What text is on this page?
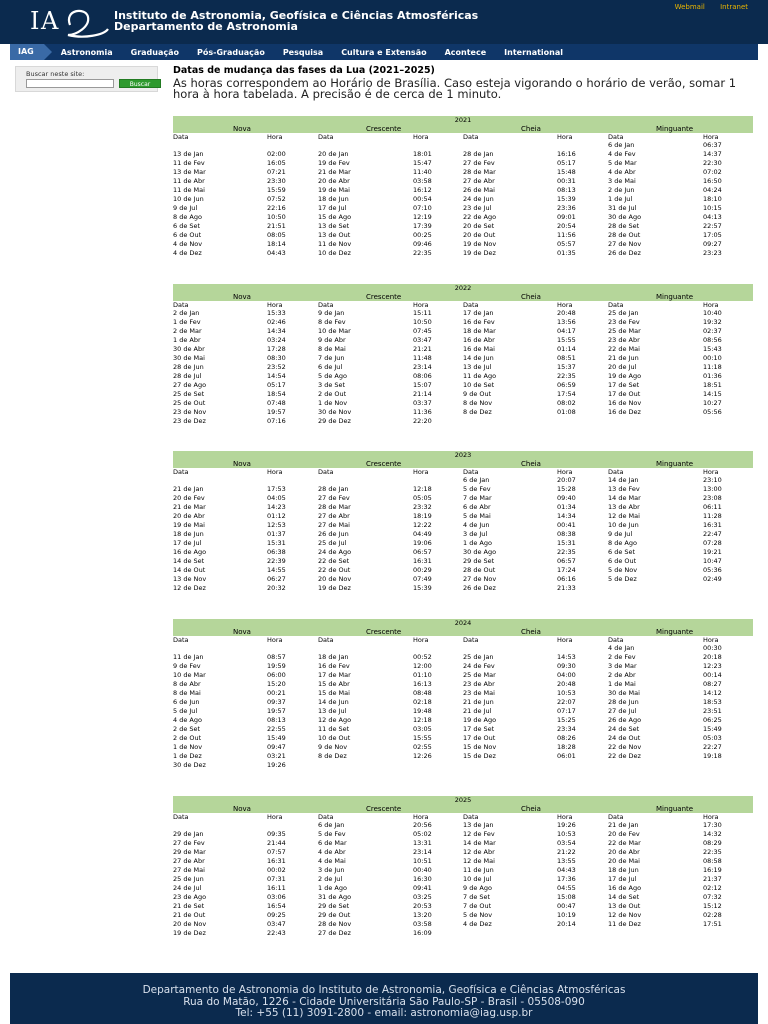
I A	Instituto de Astronomia, Geofísica e Ciências Atmosféricas
Departamento de Astronomia
Webmail Intranet
IAG	Astronomia	Graduação	Pós-Graduação	Pesquisa	Cultura e Extensão	Acontece	International
Buscar neste site:
Buscar
Datas de mudança das fases da Lua (2021–2025)
As horas correspondem ao Horário de Brasília. Caso esteja vigorando o horário de verão, somar 1 hora à hora tabelada. A precisão é de cerca de 1 minuto.
2021
Nova
Data	Hora
13 de Jan	02:00
11 de Fev	16:05
13 de Mar	07:21
11 de Abr	23:30
11 de Mai	15:59
10 de Jun	07:52
9 de Jul	22:16
8 de Ago	10:50
6 de Set	21:51
6 de Out	08:05
4 de Nov	18:14
4 de Dez	04:43
Crescente
Data	Hora
20 de Jan	18:01
19 de Fev	15:47
21 de Mar	11:40
20 de Abr	03:58
19 de Mai	16:12
18 de Jun	00:54
17 de Jul	07:10
15 de Ago	12:19
13 de Set	17:39
13 de Out	00:25
11 de Nov	09:46
10 de Dez	22:35
Cheia
Data	Hora
28 de Jan	16:16
27 de Fev	05:17
28 de Mar	15:48
27 de Abr	00:31
26 de Mai	08:13
24 de Jun	15:39
23 de Jul	23:36
22 de Ago	09:01
20 de Set	20:54
20 de Out	11:56
19 de Nov	05:57
19 de Dez	01:35
Minguante
Data	Hora
6 de Jan	06:37
4 de Fev	14:37
5 de Mar	22:30
4 de Abr	07:02
3 de Mai	16:50
2 de Jun	04:24
1 de Jul	18:10
31 de Jul	10:15
30 de Ago	04:13
28 de Set	22:57
28 de Out	17:05
27 de Nov	09:27
26 de Dez	23:23
2022
Nova
Data	Hora
2 de Jan	15:33
1 de Fev	02:46
2 de Mar	14:34
1 de Abr	03:24
30 de Abr	17:28
30 de Mai	08:30
28 de Jun	23:52
28 de Jul	14:54
27 de Ago	05:17
25 de Set	18:54
25 de Out	07:48
23 de Nov	19:57
23 de Dez	07:16
Crescente
Data	Hora
9 de Jan	15:11
8 de Fev	10:50
10 de Mar	07:45
9 de Abr	03:47
8 de Mai	21:21
7 de Jun	11:48
6 de Jul	23:14
5 de Ago	08:06
3 de Set	15:07
2 de Out	21:14
1 de Nov	03:37
30 de Nov	11:36
29 de Dez	22:20
Cheia
Data	Hora
17 de Jan	20:48
16 de Fev	13:56
18 de Mar	04:17
16 de Abr	15:55
16 de Mai	01:14
14 de Jun	08:51
13 de Jul	15:37
11 de Ago	22:35
10 de Set	06:59
9 de Out	17:54
8 de Nov	08:02
8 de Dez	01:08
Minguante
Data	Hora
25 de Jan	10:40
23 de Fev	19:32
25 de Mar	02:37
23 de Abr	08:56
22 de Mai	15:43
21 de Jun	00:10
20 de Jul	11:18
19 de Ago	01:36
17 de Set	18:51
17 de Out	14:15
16 de Nov	10:27
16 de Dez	05:56
2023
Nova
Data	Hora
21 de Jan	17:53
20 de Fev	04:05
21 de Mar	14:23
20 de Abr	01:12
19 de Mai	12:53
18 de Jun	01:37
17 de Jul	15:31
16 de Ago	06:38
14 de Set	22:39
14 de Out	14:55
13 de Nov	06:27
12 de Dez	20:32
Crescente
Data	Hora
28 de Jan	12:18
27 de Fev	05:05
28 de Mar	23:32
27 de Abr	18:19
27 de Mai	12:22
26 de Jun	04:49
25 de Jul	19:06
24 de Ago	06:57
22 de Set	16:31
22 de Out	00:29
20 de Nov	07:49
19 de Dez	15:39
Cheia
Data	Hora
6 de Jan	20:07
5 de Fev	15:28
7 de Mar	09:40
6 de Abr	01:34
5 de Mai	14:34
4 de Jun	00:41
3 de Jul	08:38
1 de Ago	15:31
30 de Ago	22:35
29 de Set	06:57
28 de Out	17:24
27 de Nov	06:16
26 de Dez	21:33
Minguante
Data	Hora
14 de Jan	23:10
13 de Fev	13:00
14 de Mar	23:08
13 de Abr	06:11
12 de Mai	11:28
10 de Jun	16:31
9 de Jul	22:47
8 de Ago	07:28
6 de Set	19:21
6 de Out	10:47
5 de Nov	05:36
5 de Dez	02:49
2024
Nova
Data	Hora
11 de Jan	08:57
9 de Fev	19:59
10 de Mar	06:00
8 de Abr	15:20
8 de Mai	00:21
6 de Jun	09:37
5 de Jul	19:57
4 de Ago	08:13
2 de Set	22:55
2 de Out	15:49
1 de Nov	09:47
1 de Dez	03:21
30 de Dez	19:26
Crescente
Data	Hora
18 de Jan	00:52
16 de Fev	12:00
17 de Mar	01:10
15 de Abr	16:13
15 de Mai	08:48
14 de Jun	02:18
13 de Jul	19:48
12 de Ago	12:18
11 de Set	03:05
10 de Out	15:55
9 de Nov	02:55
8 de Dez	12:26
Cheia
Data	Hora
25 de Jan	14:53
24 de Fev	09:30
25 de Mar	04:00
23 de Abr	20:48
23 de Mai	10:53
21 de Jun	22:07
21 de Jul	07:17
19 de Ago	15:25
17 de Set	23:34
17 de Out	08:26
15 de Nov	18:28
15 de Dez	06:01
Minguante
Data	Hora
4 de Jan	00:30
2 de Fev	20:18
3 de Mar	12:23
2 de Abr	00:14
1 de Mai	08:27
30 de Mai	14:12
28 de Jun	18:53
27 de Jul	23:51
26 de Ago	06:25
24 de Set	15:49
24 de Out	05:03
22 de Nov	22:27
22 de Dez	19:18
2025
Nova
Data	Hora
29 de Jan	09:35
27 de Fev	21:44
29 de Mar	07:57
27 de Abr	16:31
27 de Mai	00:02
25 de Jun	07:31
24 de Jul	16:11
23 de Ago	03:06
21 de Set	16:54
21 de Out	09:25
20 de Nov	03:47
19 de Dez	22:43
Crescente
Data	Hora
6 de Jan	20:56
5 de Fev	05:02
6 de Mar	13:31
4 de Abr	23:14
4 de Mai	10:51
3 de Jun	00:40
2 de Jul	16:30
1 de Ago	09:41
31 de Ago	03:25
29 de Set	20:53
29 de Out	13:20
28 de Nov	03:58
27 de Dez	16:09
Cheia
Data	Hora
13 de Jan	19:26
12 de Fev	10:53
14 de Mar	03:54
12 de Abr	21:22
12 de Mai	13:55
11 de Jun	04:43
10 de Jul	17:36
9 de Ago	04:55
7 de Set	15:08
7 de Out	00:47
5 de Nov	10:19
4 de Dez	20:14
Minguante
Data	Hora
21 de Jan	17:30
20 de Fev	14:32
22 de Mar	08:29
20 de Abr	22:35
20 de Mai	08:58
18 de Jun	16:19
17 de Jul	21:37
16 de Ago	02:12
14 de Set	07:32
13 de Out	15:12
12 de Nov	02:28
11 de Dez	17:51
Departamento de Astronomia do Instituto de Astronomia, Geofísica e Ciências Atmosféricas
Rua do Matão, 1226 - Cidade Universitária São Paulo-SP - Brasil - 05508-090
Tel: +55 (11) 3091-2800 - email: astronomia@iag.usp.br
